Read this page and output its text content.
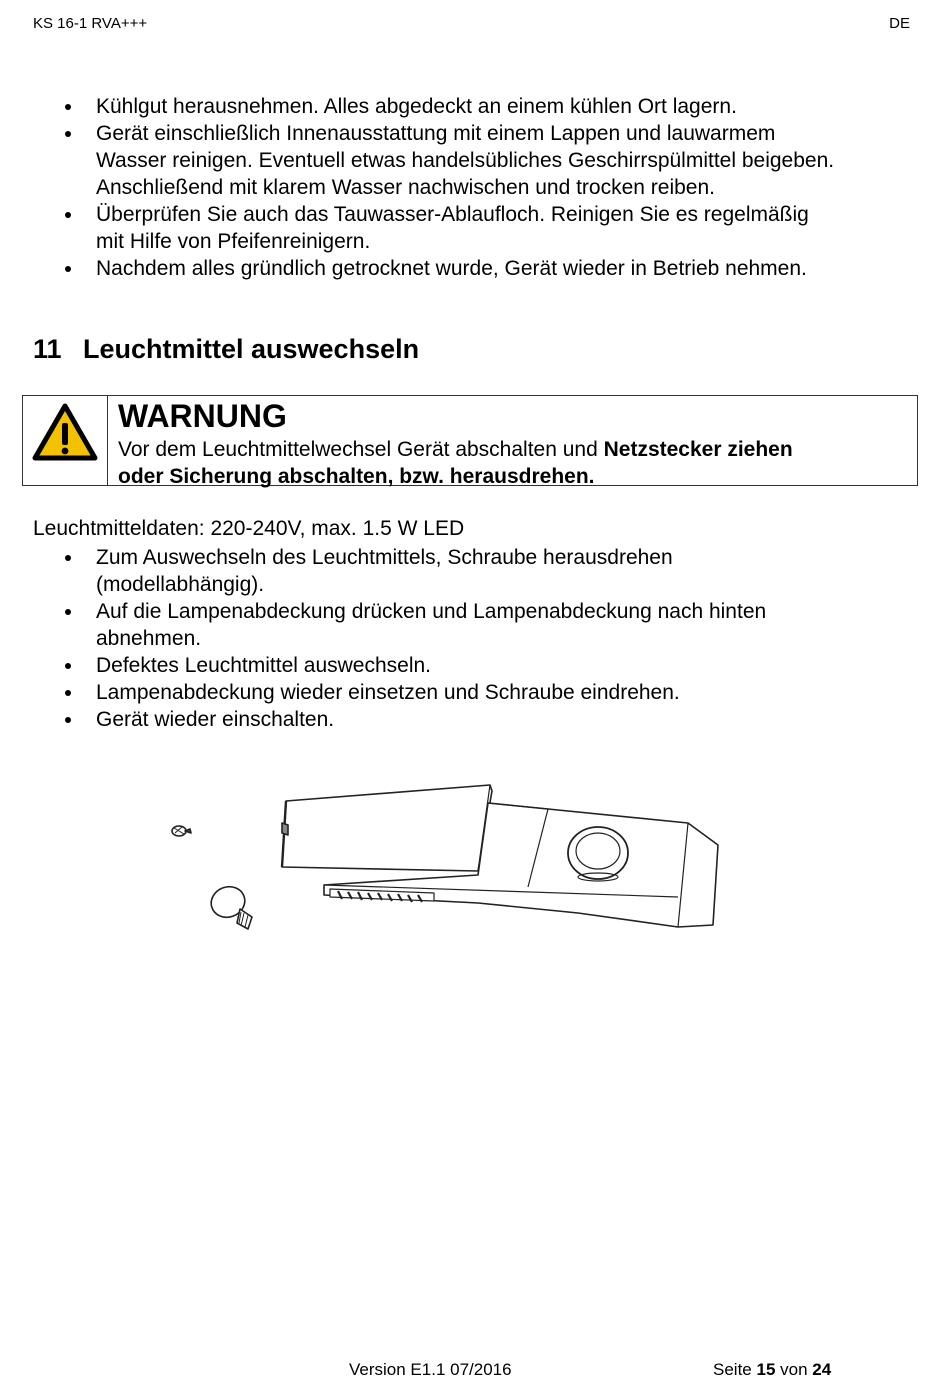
KS 16-1 RVA+++	DE
Kühlgut herausnehmen. Alles abgedeckt an einem kühlen Ort lagern.
Gerät einschließlich Innenausstattung mit einem Lappen und lauwarmem
Wasser reinigen. Eventuell etwas handelsübliches Geschirrspülmittel beigeben.
Anschließend mit klarem Wasser nachwischen und trocken reiben.
Überprüfen Sie auch das Tauwasser-Ablaufloch. Reinigen Sie es regelmäßig
mit Hilfe von Pfeifenreinigern.
Nachdem alles gründlich getrocknet wurde, Gerät wieder in Betrieb nehmen.
11 Leuchtmittel auswechseln
WARNUNG
Vor dem Leuchtmittelwechsel Gerät abschalten und Netzstecker ziehen
oder Sicherung abschalten, bzw. herausdrehen.
Leuchtmitteldaten: 220-240V, max. 1.5 W LED
Zum Auswechseln des Leuchtmittels, Schraube herausdrehen
(modellabhängig).
Auf die Lampenabdeckung drücken und Lampenabdeckung nach hinten
abnehmen.
Defektes Leuchtmittel auswechseln.
Lampenabdeckung wieder einsetzen und Schraube eindrehen.
Gerät wieder einschalten.
Version E1.1 07/2016	Seite 15 von 24
